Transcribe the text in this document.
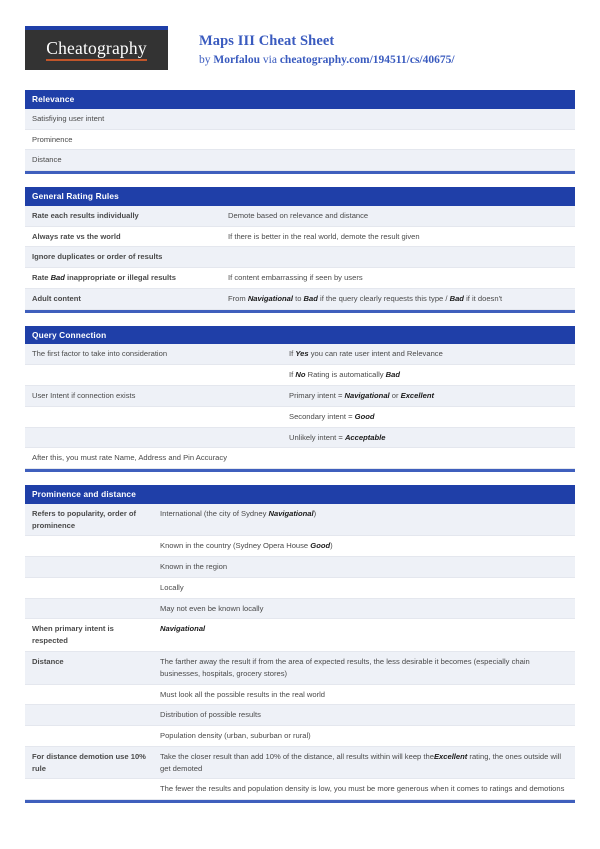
Cheatography	Maps III Cheat Sheet
by Morfalou via cheatography.com/194511/cs/40675/
Relevance
Satisfiying user intent
Prominence
Distance
General Rating Rules
Rate each results individually	Demote based on relevance and distance
Always rate vs the world	If there is better in the real world, demote the result given
Ignore duplicates or order of results	
Rate Bad inappropriate or illegal results	If content embarrassing if seen by users
Adult content	From Navigational to Bad if the query clearly requests this type / Bad if it doesn't
Query Connection
The first factor to take into consideration	If Yes you can rate user intent and Relevance
	If No Rating is automatically Bad
User Intent if connection exists	Primary intent = Navigational or Excellent
	Secondary intent = Good
	Unlikely intent = Acceptable
After this, you must rate Name, Address and Pin Accuracy	
Prominence and distance
Refers to popularity, order of prominence	International (the city of Sydney Navigational)
	Known in the country (Sydney Opera House Good)
	Known in the region
	Locally
	May not even be known locally
When primary intent is respected	Navigational
Distance	The farther away the result if from the area of expected results, the less desirable it becomes (especially chain businesses, hospitals, grocery stores)
	Must look all the possible results in the real world
	Distribution of possible results
	Population density (urban, suburban or rural)
For distance demotion use 10% rule	Take the closer result than add 10% of the distance, all results within will keep theExcellent rating, the ones outside will get demoted
	The fewer the results and population density is low, you must be more generous when it comes to ratings and demotions
